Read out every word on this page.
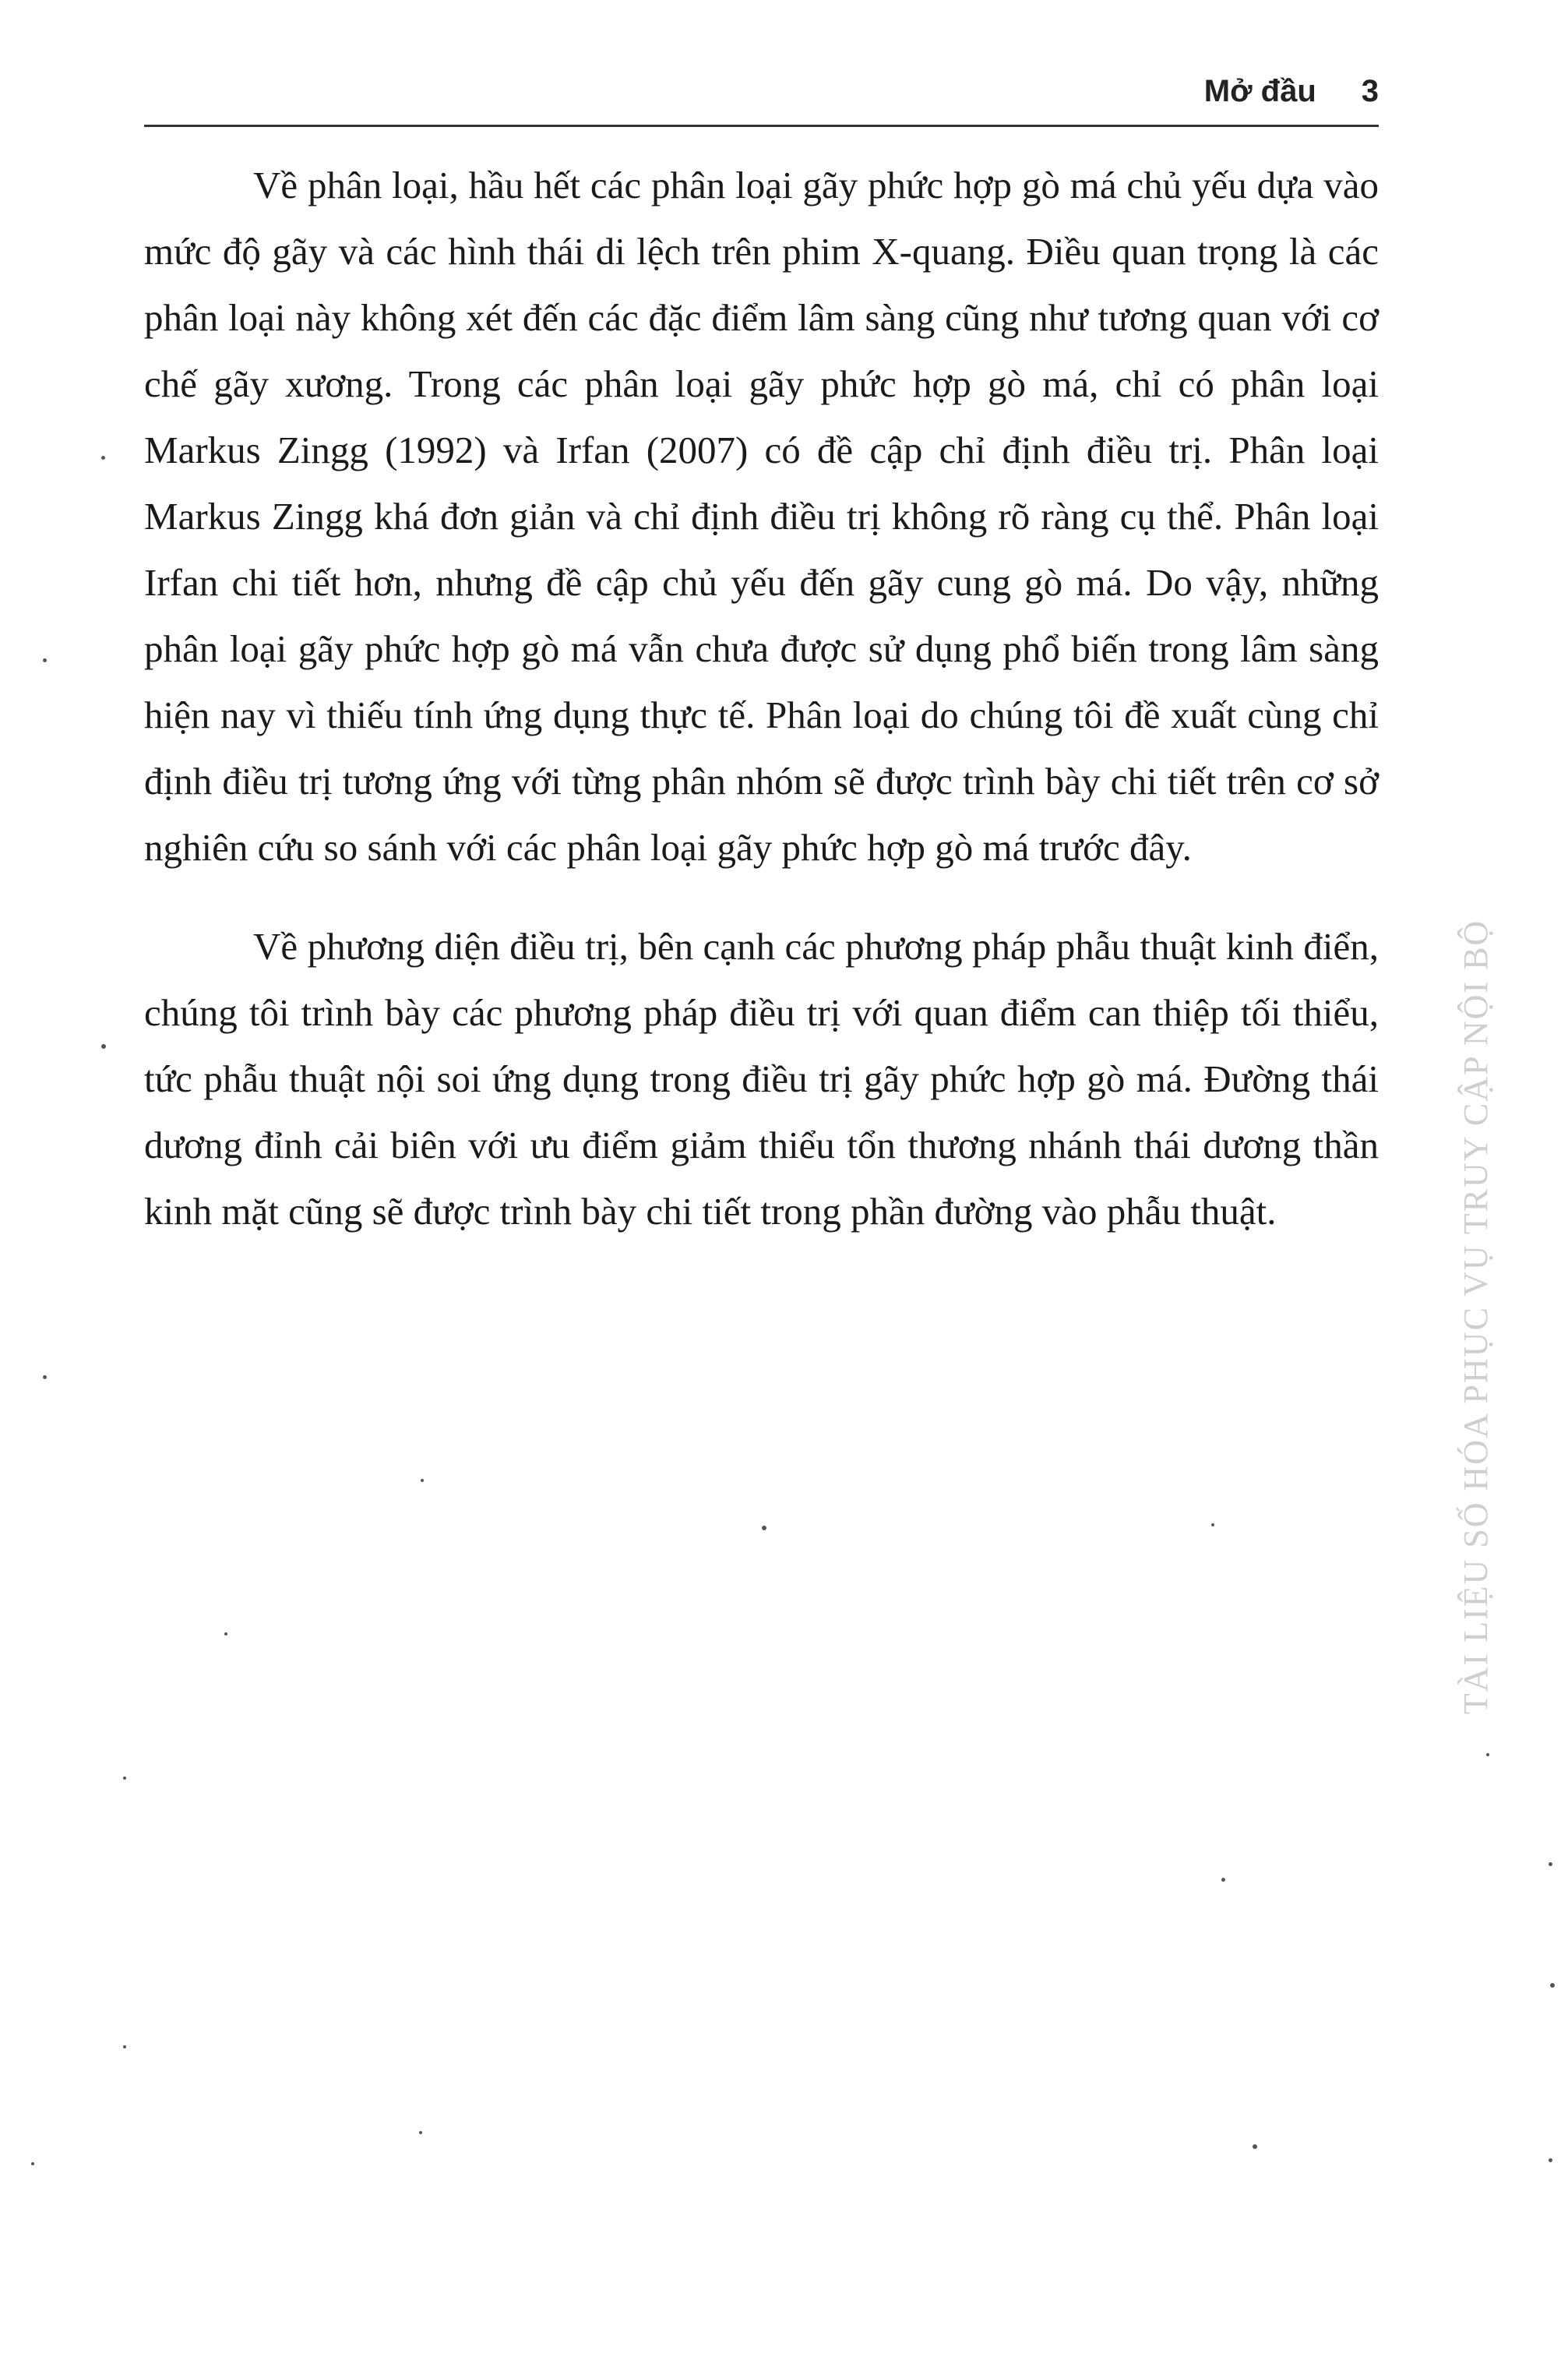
Mở đầu 3

Về phân loại, hầu hết các phân loại gãy phức hợp gò má chủ yếu dựa vào mức độ gãy và các hình thái di lệch trên phim X-quang. Điều quan trọng là các phân loại này không xét đến các đặc điểm lâm sàng cũng như tương quan với cơ chế gãy xương. Trong các phân loại gãy phức hợp gò má, chỉ có phân loại Markus Zingg (1992) và Irfan (2007) có đề cập chỉ định điều trị. Phân loại Markus Zingg khá đơn giản và chỉ định điều trị không rõ ràng cụ thể. Phân loại Irfan chi tiết hơn, nhưng đề cập chủ yếu đến gãy cung gò má. Do vậy, những phân loại gãy phức hợp gò má vẫn chưa được sử dụng phổ biến trong lâm sàng hiện nay vì thiếu tính ứng dụng thực tế. Phân loại do chúng tôi đề xuất cùng chỉ định điều trị tương ứng với từng phân nhóm sẽ được trình bày chi tiết trên cơ sở nghiên cứu so sánh với các phân loại gãy phức hợp gò má trước đây.

Về phương diện điều trị, bên cạnh các phương pháp phẫu thuật kinh điển, chúng tôi trình bày các phương pháp điều trị với quan điểm can thiệp tối thiểu, tức phẫu thuật nội soi ứng dụng trong điều trị gãy phức hợp gò má. Đường thái dương đỉnh cải biên với ưu điểm giảm thiểu tổn thương nhánh thái dương thần kinh mặt cũng sẽ được trình bày chi tiết trong phần đường vào phẫu thuật.	TÀI LIỆU SỐ HÓA PHỤC VỤ TRUY CẬP NỘI BỘ
